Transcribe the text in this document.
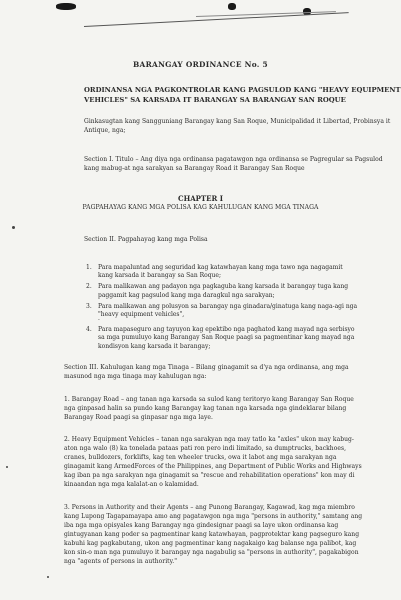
BARANGAY ORDINANCE No. 5
ORDINANSA NGA PAGKONTROLAR KANG PAGSULOD KANG "HEAVY EQUIPMENT
VEHICLES" SA KARSADA IT BARANGAY SA BARANGAY SAN ROQUE
Ginkasugtan kang Sangguniang Barangay kang San Roque, Municipalidad it Libertad, Probinsya it
Antique, nga;
Section I. Titulo – Ang diya nga ordinansa pagatawgon nga ordinansa se Pagregular sa Pagsulod
kang mabug-at nga sarakyan sa Barangay Road it Barangay San Roque
CHAPTER I
PAGPAHAYAG KANG MGA POLISA KAG KAHULUGAN KANG MGA TINAGA
Section II. Pagpahayag kang mga Polisa
1. Para mapaluntad ang seguridad kag katawhayan kang mga tawo nga nagagamit
kang karsada it barangay sa San Roque;
2. Para malikawan ang padayon nga pagkaguba kang karsada it barangay tuga kang
paggamit kag pagsulod kang mga daragkul nga sarakyan;
3. Para malikawan ang polusyon sa barangay nga ginadara/ginatuga kang naga-agi nga
"heavy equipment vehicles",
·
4. Para mapaseguro ang tayuyon kag epektibo nga paghatod kang mayad nga serbisyo
sa mga pumuluyo kang Barangay San Roque paagi sa pagmentinar kang mayad nga
kondisyon kang karsada it barangay;
Section III. Kahulugan kang mga Tinaga – Bilang ginagamit sa d'ya nga ordinansa, ang mga
masunod nga mga tinaga may kahulugan nga:
1. Barangay Road – ang tanan nga karsada sa sulod kang teritoryo kang Barangay San Roque
nga ginpasad halin sa pundo kang Barangay kag tanan nga karsada nga gindeklarar bilang
Barangay Road paagi sa ginpasar nga mga laye.
2. Heavy Equipment Vehicles – tanan nga sarakyan nga may tatlo ka "axles" ukon may kabug-
aton nga walo (8) ka tonelada pataas pati ron pero indi limitado, sa dumptrucks, backhoes,
cranes, bulldozers, forklifts, kag ten wheeler trucks, owa it labot ang mga sarakyan nga
ginagamit kang ArmedForces of the Philippines, ang Department of Public Works and Highways
kag iban pa nga sarakyan nga ginagamit sa "rescue and rehabilitation operations" kon may di
kinaandan nga mga kalalat-an o kalamidad.
3. Persons in Authority and their Agents – ang Punong Barangay, Kagawad, kag mga miembro
kang Lupong Tagapamayapa amo ang pagatawgon nga mga "persons in authority," samtang ang
iba nga mga opisyales kang Barangay nga gindesignar paagi sa laye ukon ordinansa kag
gintugyanan kang poder sa pagmentinar kang katawhayan, pagprotektar kang pagseguro kang
kabuhi kag pagkabutang, ukon ang pagmentinar kang nagakaigo kag balanse nga palibot, kag
kon sin-o man nga pumuluyo it barangay nga nagabulig sa "persons in authority", pagakabigon
nga "agents of persons in authority."
